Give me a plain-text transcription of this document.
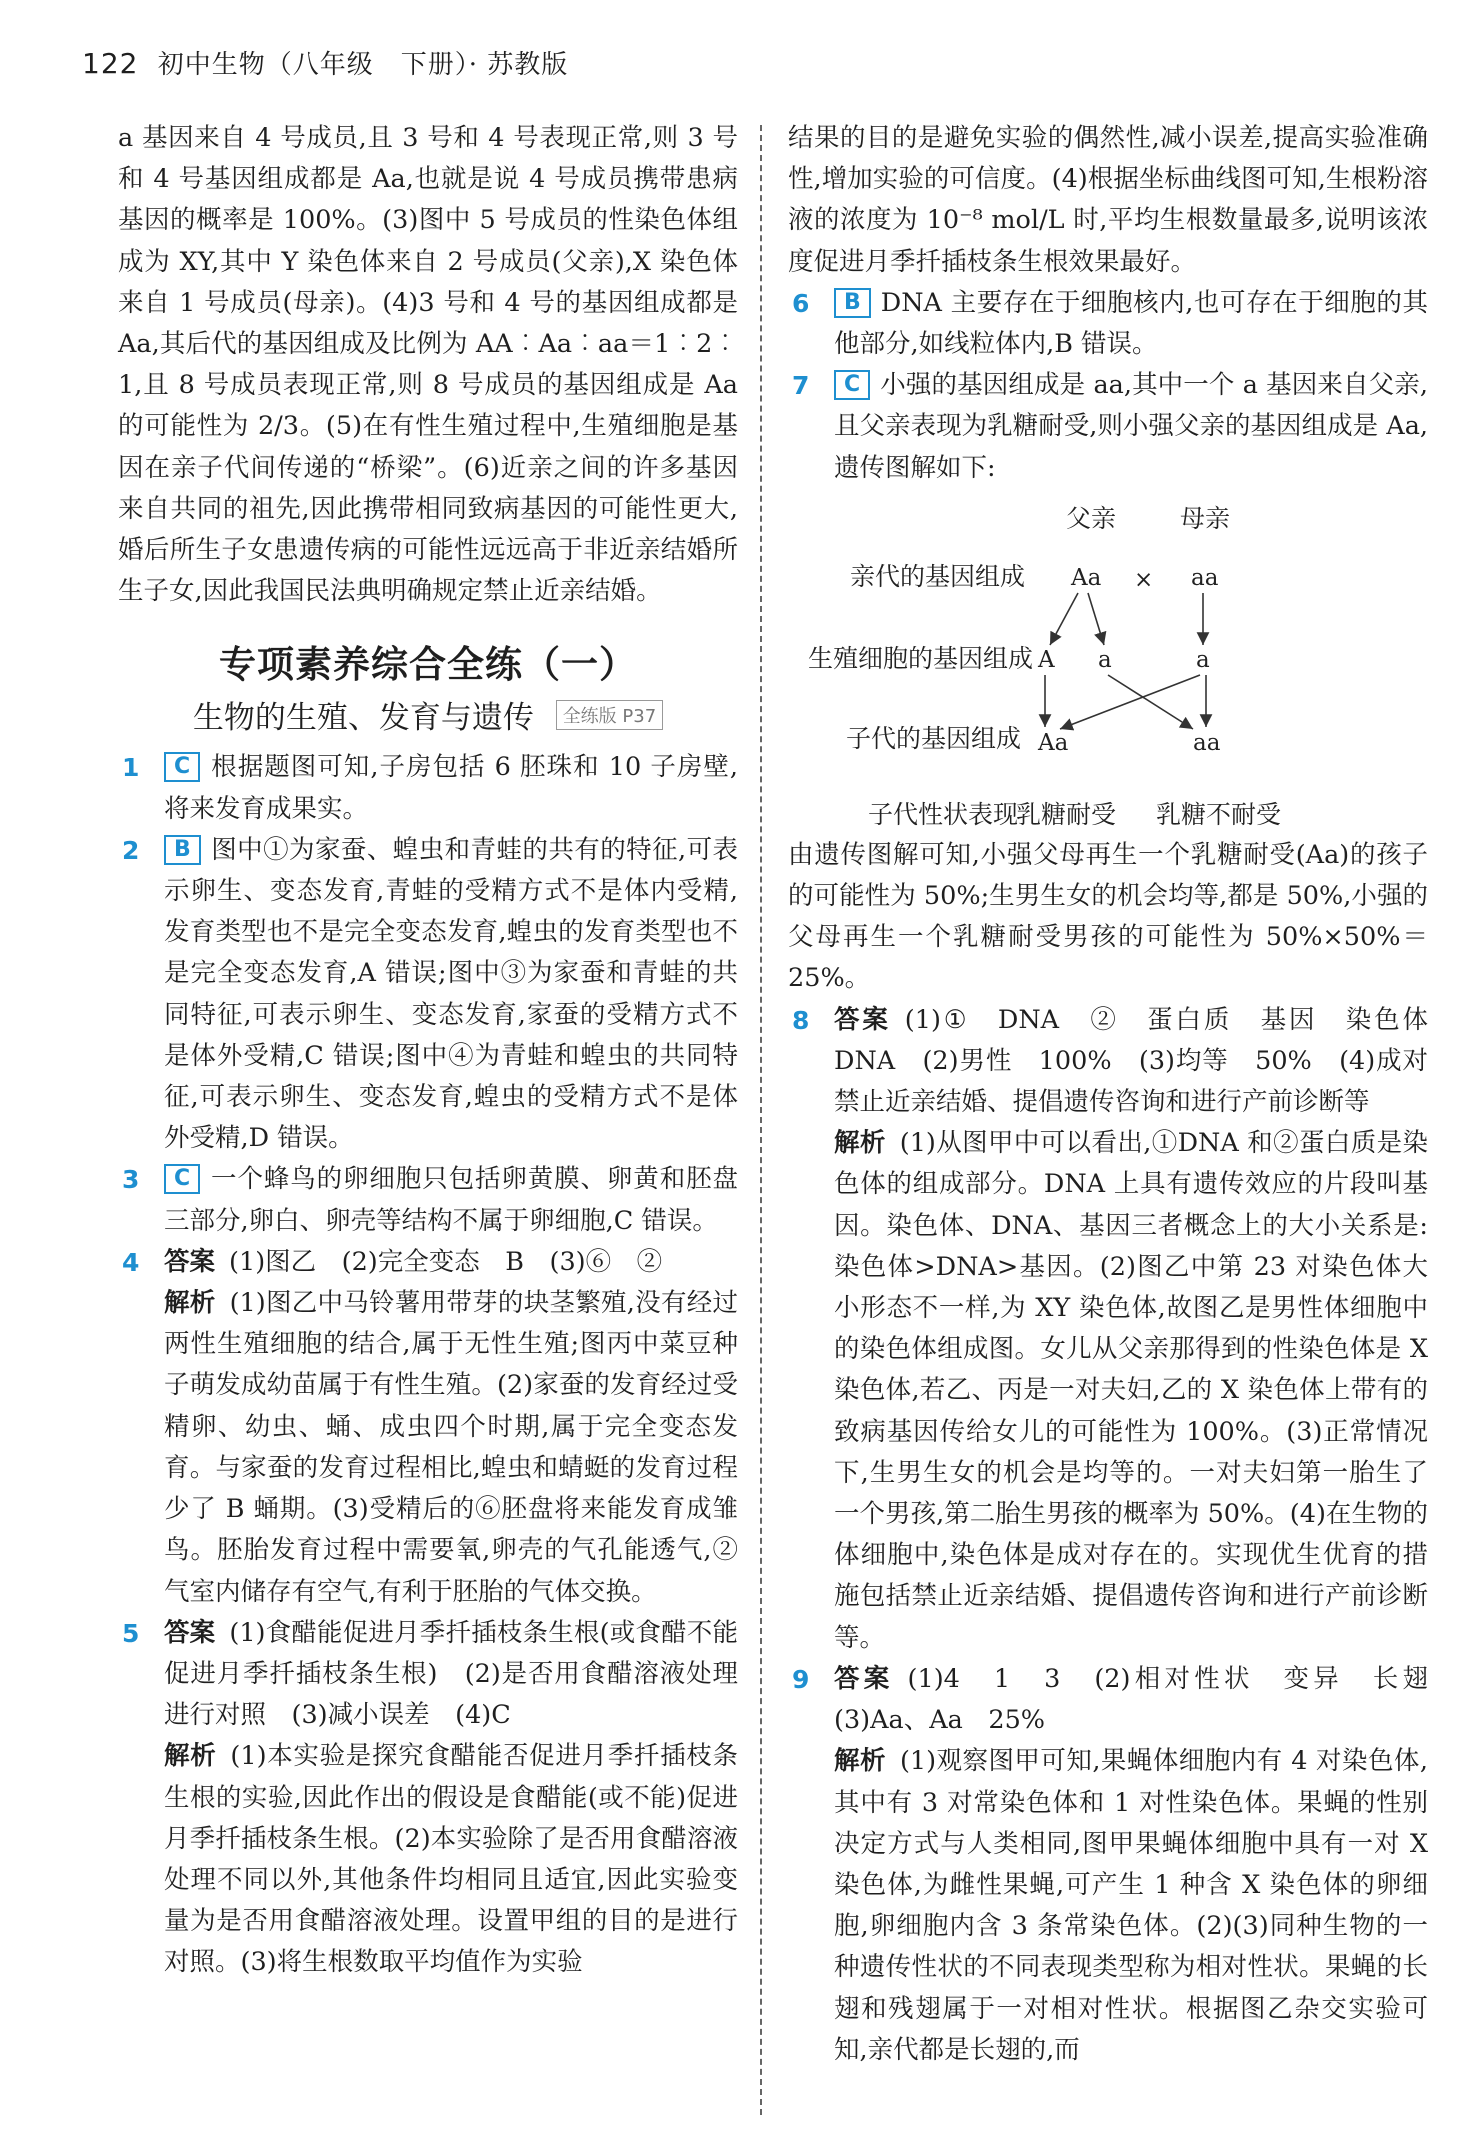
122 初中生物（八年级　下册）· 苏教版

a 基因来自 4 号成员,且 3 号和 4 号表现正常,则 3 号和 4 号基因组成都是 Aa,也就是说 4 号成员携带患病基因的概率是 100%。(3)图中 5 号成员的性染色体组成为 XY,其中 Y 染色体来自 2 号成员(父亲),X 染色体来自 1 号成员(母亲)。(4)3 号和 4 号的基因组成都是 Aa,其后代的基因组成及比例为 AA︰Aa︰aa＝1︰2︰1,且 8 号成员表现正常,则 8 号成员的基因组成是 Aa 的可能性为 2/3。(5)在有性生殖过程中,生殖细胞是基因在亲子代间传递的“桥梁”。(6)近亲之间的许多基因来自共同的祖先,因此携带相同致病基因的可能性更大,婚后所生子女患遗传病的可能性远远高于非近亲结婚所生子女,因此我国民法典明确规定禁止近亲结婚。

专项素养综合全练（一）
生物的生殖、发育与遗传 全练版 P37
1 C 根据题图可知,子房包括 6 胚珠和 10 子房壁,将来发育成果实。
2 B 图中①为家蚕、蝗虫和青蛙的共有的特征,可表示卵生、变态发育,青蛙的受精方式不是体内受精,发育类型也不是完全变态发育,蝗虫的发育类型也不是完全变态发育,A 错误;图中③为家蚕和青蛙的共同特征,可表示卵生、变态发育,家蚕的受精方式不是体外受精,C 错误;图中④为青蛙和蝗虫的共同特征,可表示卵生、变态发育,蝗虫的受精方式不是体外受精,D 错误。
3 C 一个蜂鸟的卵细胞只包括卵黄膜、卵黄和胚盘三部分,卵白、卵壳等结构不属于卵细胞,C 错误。
4 答案 (1)图乙　(2)完全变态　B　(3)⑥　②
解析 (1)图乙中马铃薯用带芽的块茎繁殖,没有经过两性生殖细胞的结合,属于无性生殖;图丙中菜豆种子萌发成幼苗属于有性生殖。(2)家蚕的发育经过受精卵、幼虫、蛹、成虫四个时期,属于完全变态发育。与家蚕的发育过程相比,蝗虫和蜻蜓的发育过程少了 B 蛹期。(3)受精后的⑥胚盘将来能发育成雏鸟。胚胎发育过程中需要氧,卵壳的气孔能透气,②气室内储存有空气,有利于胚胎的气体交换。
5 答案 (1)食醋能促进月季扦插枝条生根(或食醋不能促进月季扦插枝条生根)　(2)是否用食醋溶液处理　进行对照　(3)减小误差　(4)C
解析 (1)本实验是探究食醋能否促进月季扦插枝条生根的实验,因此作出的假设是食醋能(或不能)促进月季扦插枝条生根。(2)本实验除了是否用食醋溶液处理不同以外,其他条件均相同且适宜,因此实验变量为是否用食醋溶液处理。设置甲组的目的是进行对照。(3)将生根数取平均值作为实验

结果的目的是避免实验的偶然性,减小误差,提高实验准确性,增加实验的可信度。(4)根据坐标曲线图可知,生根粉溶液的浓度为 10⁻⁸ mol/L 时,平均生根数量最多,说明该浓度促进月季扦插枝条生根效果最好。

6 B DNA 主要存在于细胞核内,也可存在于细胞的其他部分,如线粒体内,B 错误。
7 C 小强的基因组成是 aa,其中一个 a 基因来自父亲,且父亲表现为乳糖耐受,则小强父亲的基因组成是 Aa,遗传图解如下:
父亲	母亲
亲代的基因组成
生殖细胞的基因组成
子代的基因组成
子代性状表现
Aa × aa
A a	a
Aa	aa
乳糖耐受 乳糖不耐受

由遗传图解可知,小强父母再生一个乳糖耐受(Aa)的孩子的可能性为 50%;生男生女的机会均等,都是 50%,小强的父母再生一个乳糖耐受男孩的可能性为 50%×50%＝25%。

8 答案 (1)①　DNA　②　蛋白质　基因　染色体　DNA　(2)男性　100%　(3)均等　50%　(4)成对　禁止近亲结婚、提倡遗传咨询和进行产前诊断等
解析 (1)从图甲中可以看出,①DNA 和②蛋白质是染色体的组成部分。DNA 上具有遗传效应的片段叫基因。染色体、DNA、基因三者概念上的大小关系是:染色体>DNA>基因。(2)图乙中第 23 对染色体大小形态不一样,为 XY 染色体,故图乙是男性体细胞中的染色体组成图。女儿从父亲那得到的性染色体是 X 染色体,若乙、丙是一对夫妇,乙的 X 染色体上带有的致病基因传给女儿的可能性为 100%。(3)正常情况下,生男生女的机会是均等的。一对夫妇第一胎生了一个男孩,第二胎生男孩的概率为 50%。(4)在生物的体细胞中,染色体是成对存在的。实现优生优育的措施包括禁止近亲结婚、提倡遗传咨询和进行产前诊断等。
9 答案 (1)4　1　3　(2)相对性状　变异　长翅　(3)Aa、Aa　25%
解析 (1)观察图甲可知,果蝇体细胞内有 4 对染色体,其中有 3 对常染色体和 1 对性染色体。果蝇的性别决定方式与人类相同,图甲果蝇体细胞中具有一对 X 染色体,为雌性果蝇,可产生 1 种含 X 染色体的卵细胞,卵细胞内含 3 条常染色体。(2)(3)同种生物的一种遗传性状的不同表现类型称为相对性状。果蝇的长翅和残翅属于一对相对性状。根据图乙杂交实验可知,亲代都是长翅的,而
